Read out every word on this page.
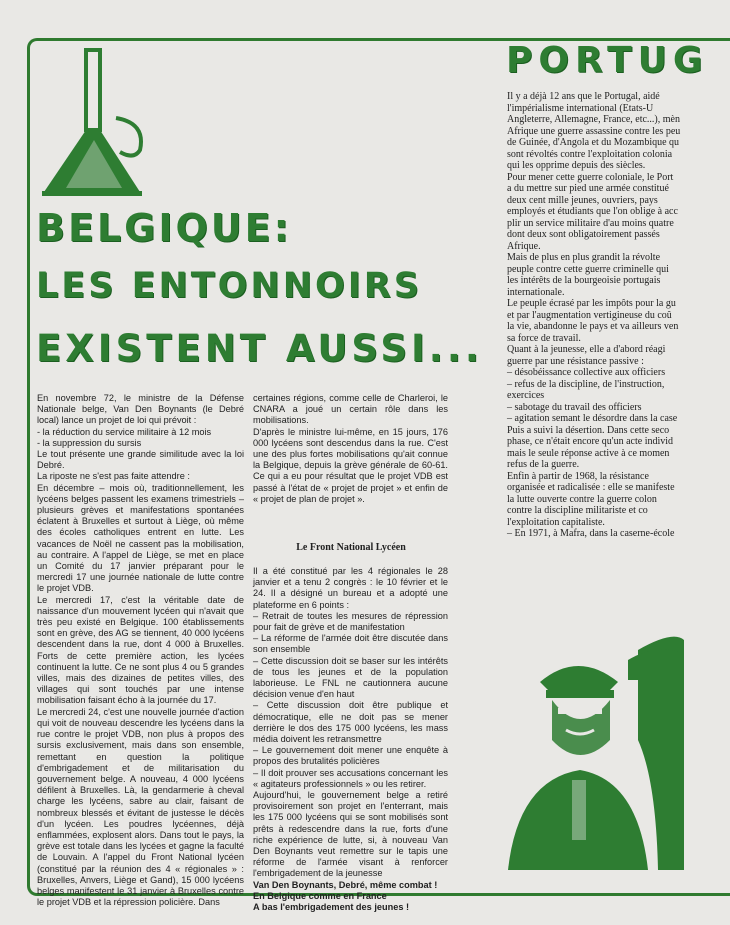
BELGIQUE:
LES ENTONNOIRS
EXISTENT AUSSI...

En novembre 72, le ministre de la Défense Nationale belge, Van Den Boynants (le Debré local) lance un projet de loi qui prévoit :

- la réduction du service militaire à 12 mois

- la suppression du sursis

Le tout présente une grande similitude avec la loi Debré.

La riposte ne s'est pas faite attendre :

En décembre – mois où, traditionnellement, les lycéens belges passent les examens trimestriels – plusieurs grèves et manifestations spontanées éclatent à Bruxelles et surtout à Liège, où même des écoles catholiques entrent en lutte. Les vacances de Noël ne cassent pas la mobilisation, au contraire. A l'appel de Liège, se met en place un Comité du 17 janvier préparant pour le mercredi 17 une journée nationale de lutte contre le projet VDB.

Le mercredi 17, c'est la véritable date de naissance d'un mouvement lycéen qui n'avait que très peu existé en Belgique. 100 établissements sont en grève, des AG se tiennent, 40 000 lycéens descendent dans la rue, dont 4 000 à Bruxelles. Forts de cette première action, les lycées continuent la lutte. Ce ne sont plus 4 ou 5 grandes villes, mais des dizaines de petites villes, des villages qui sont touchés par une intense mobilisation faisant écho à la journée du 17.

Le mercredi 24, c'est une nouvelle journée d'action qui voit de nouveau descendre les lycéens dans la rue contre le projet VDB, non plus à propos des sursis exclusivement, mais dans son ensemble, remettant en question la politique d'embrigadement et de militarisation du gouvernement belge. A nouveau, 4 000 lycéens défilent à Bruxelles. Là, la gendarmerie à cheval charge les lycéens, sabre au clair, faisant de nombreux blessés et évitant de justesse le décès d'un lycéen. Les poudres lycéennes, déjà enflammées, explosent alors. Dans tout le pays, la grève est totale dans les lycées et gagne la faculté de Louvain. A l'appel du Front National lycéen (constitué par la réunion des 4 « régionales » : Bruxelles, Anvers, Liège et Gand), 15 000 lycéens belges manifestent le 31 janvier à Bruxelles contre le projet VDB et la répression policière. Dans

certaines régions, comme celle de Charleroi, le CNARA a joué un certain rôle dans les mobilisations.

D'après le ministre lui-même, en 15 jours, 176 000 lycéens sont descendus dans la rue. C'est une des plus fortes mobilisations qu'ait connue la Belgique, depuis la grève générale de 60-61. Ce qui a eu pour résultat que le projet VDB est passé à l'état de « projet de projet » et enfin de « projet de plan de projet ».

Le Front National Lycéen

Il a été constitué par les 4 régionales le 28 janvier et a tenu 2 congrès : le 10 février et le 24. Il a désigné un bureau et a adopté une plateforme en 6 points :

– Retrait de toutes les mesures de répression pour fait de grève et de manifestation

– La réforme de l'armée doit être discutée dans son ensemble

– Cette discussion doit se baser sur les intérêts de tous les jeunes et de la population laborieuse. Le FNL ne cautionnera aucune décision venue d'en haut

– Cette discussion doit être publique et démocratique, elle ne doit pas se mener derrière le dos des 175 000 lycéens, les mass média doivent les retransmettre

– Le gouvernement doit mener une enquête à propos des brutalités policières

– Il doit prouver ses accusations concernant les « agitateurs professionnels » ou les retirer.

Aujourd'hui, le gouvernement belge a retiré provisoirement son projet en l'enterrant, mais les 175 000 lycéens qui se sont mobilisés sont prêts à redescendre dans la rue, forts d'une riche expérience de lutte, si, à nouveau Van Den Boynants veut remettre sur le tapis une réforme de l'armée visant à renforcer l'embrigadement de la jeunesse

Van Den Boynants, Debré, même combat !

En Belgique comme en France

A bas l'embrigadement des jeunes !

PORTUG

Il y a déjà 12 ans que le Portugal, aidé

l'impérialisme international (Etats-U

Angleterre, Allemagne, France, etc...), mèn

Afrique une guerre assassine contre les peu

de Guinée, d'Angola et du Mozambique qu

sont révoltés contre l'exploitation colonia

qui les opprime depuis des siècles.

Pour mener cette guerre coloniale, le Port

a du mettre sur pied une armée constitué

deux cent mille jeunes, ouvriers, pays

employés et étudiants que l'on oblige à acc

plir un service militaire d'au moins quatre

dont deux sont obligatoirement passés

Afrique.

Mais de plus en plus grandit la révolte

peuple contre cette guerre criminelle qui

les intérêts de la bourgeoisie portugais

internationale.

Le peuple écrasé par les impôts pour la gu

et par l'augmentation vertigineuse du coû

la vie, abandonne le pays et va ailleurs ven

sa force de travail.

Quant à la jeunesse, elle a d'abord réagi

guerre par une résistance passive :

– désobéissance collective aux officiers

– refus de la discipline, de l'instruction,

exercices

– sabotage du travail des officiers

– agitation semant le désordre dans la case

Puis a suivi la désertion. Dans cette seco

phase, ce n'était encore qu'un acte individ

mais le seule réponse active à ce momen

refus de la guerre.

Enfin à partir de 1968, la résistance

organisée et radicalisée : elle se manifeste

la lutte ouverte contre la guerre colon

contre la discipline militariste et co

l'exploitation capitaliste.

– En 1971, à Mafra, dans la caserne-école
